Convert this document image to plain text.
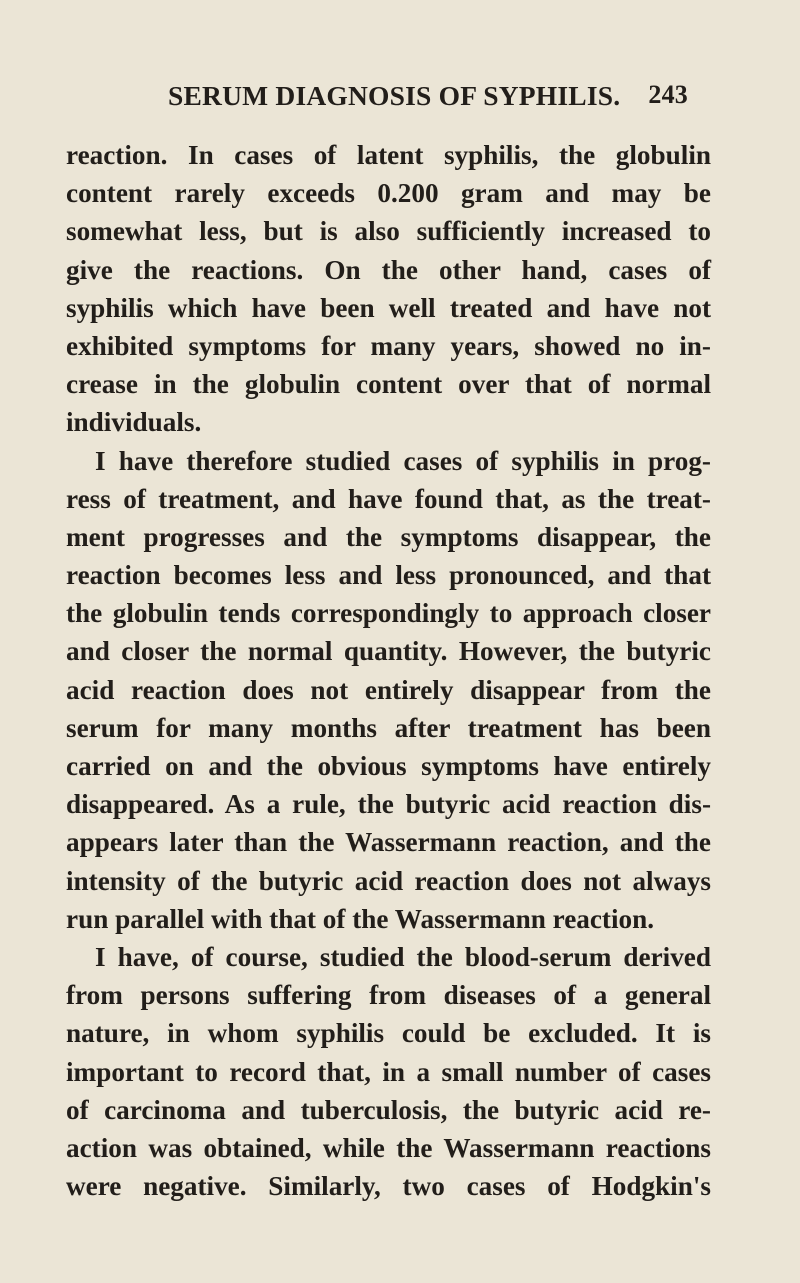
SERUM DIAGNOSIS OF SYPHILIS. 243
reaction. In cases of latent syphilis, the globulin
content rarely exceeds 0.200 gram and may be
somewhat less, but is also sufficiently increased to
give the reactions. On the other hand, cases of
syphilis which have been well treated and have not
exhibited symptoms for many years, showed no in-
crease in the globulin content over that of normal
individuals.
I have therefore studied cases of syphilis in prog-
ress of treatment, and have found that, as the treat-
ment progresses and the symptoms disappear, the
reaction becomes less and less pronounced, and that
the globulin tends correspondingly to approach closer
and closer the normal quantity. However, the butyric
acid reaction does not entirely disappear from the
serum for many months after treatment has been
carried on and the obvious symptoms have entirely
disappeared. As a rule, the butyric acid reaction dis-
appears later than the Wassermann reaction, and the
intensity of the butyric acid reaction does not always
run parallel with that of the Wassermann reaction.
I have, of course, studied the blood-serum derived
from persons suffering from diseases of a general
nature, in whom syphilis could be excluded. It is
important to record that, in a small number of cases
of carcinoma and tuberculosis, the butyric acid re-
action was obtained, while the Wassermann reactions
were negative. Similarly, two cases of Hodgkin's
